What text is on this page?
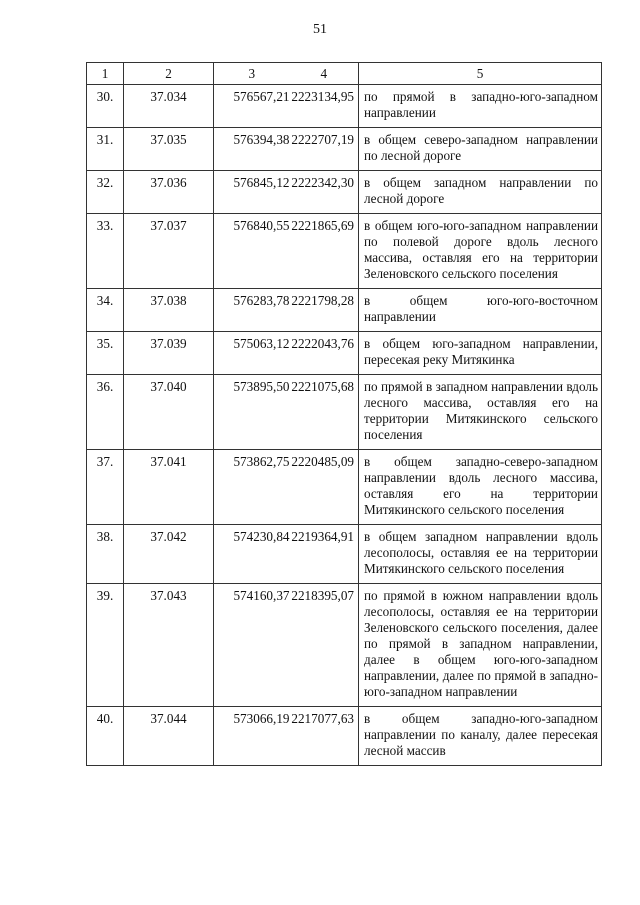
51
1	2	3	4	5
30.	37.034	576567,21	2223134,95	по прямой в западно-юго-западном направлении
31.	37.035	576394,38	2222707,19	в общем северо-западном направлении по лесной дороге
32.	37.036	576845,12	2222342,30	в общем западном направлении по лесной дороге
33.	37.037	576840,55	2221865,69	в общем юго-юго-западном направлении по полевой дороге вдоль лесного массива, оставляя его на территории Зеленовского сельского поселения
34.	37.038	576283,78	2221798,28	в общем юго-юго-восточном направлении
35.	37.039	575063,12	2222043,76	в общем юго-западном направлении, пересекая реку Митякинка
36.	37.040	573895,50	2221075,68	по прямой в западном направлении вдоль лесного массива, оставляя его на территории Митякинского сельского поселения
37.	37.041	573862,75	2220485,09	в общем западно-северо-западном направлении вдоль лесного массива, оставляя его на территории Митякинского сельского поселения
38.	37.042	574230,84	2219364,91	в общем западном направлении вдоль лесополосы, оставляя ее на территории Митякинского сельского поселения
39.	37.043	574160,37	2218395,07	по прямой в южном направлении вдоль лесополосы, оставляя ее на территории Зеленовского сельского поселения, далее по прямой в западном направлении, далее в общем юго-юго-западном направлении, далее по прямой в западно-юго-западном направлении
40.	37.044	573066,19	2217077,63	в общем западно-юго-западном направлении по каналу, далее пересекая лесной массив
